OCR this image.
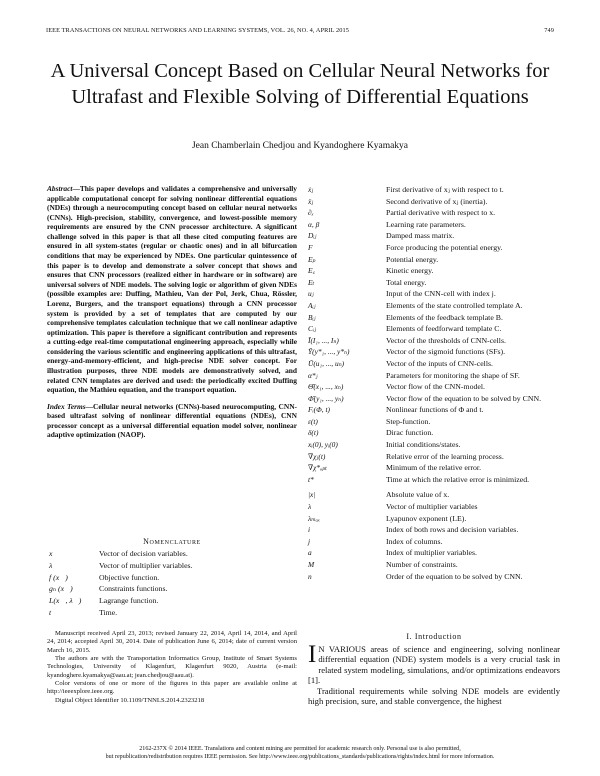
IEEE TRANSACTIONS ON NEURAL NETWORKS AND LEARNING SYSTEMS, VOL. 26, NO. 4, APRIL 2015	749
A Universal Concept Based on Cellular Neural Networks for Ultrafast and Flexible Solving of Differential Equations
Jean Chamberlain Chedjou and Kyandoghere Kyamakya

Abstract—This paper develops and validates a comprehensive and universally applicable computational concept for solving nonlinear differential equations (NDEs) through a neurocomputing concept based on cellular neural networks (CNNs). High-precision, stability, convergence, and lowest-possible memory requirements are ensured by the CNN processor architecture. A significant challenge solved in this paper is that all these cited computing features are ensured in all system-states (regular or chaotic ones) and in all bifurcation conditions that may be experienced by NDEs. One particular quintessence of this paper is to develop and demonstrate a solver concept that shows and ensures that CNN processors (realized either in hardware or in software) are universal solvers of NDE models. The solving logic or algorithm of given NDEs (possible examples are: Duffing, Mathieu, Van der Pol, Jerk, Chua, Rössler, Lorenz, Burgers, and the transport equations) through a CNN processor system is provided by a set of templates that are computed by our comprehensive templates calculation technique that we call nonlinear adaptive optimization. This paper is therefore a significant contribution and represents a cutting-edge real-time computational engineering approach, especially while considering the various scientific and engineering applications of this ultrafast, energy-and-memory-efficient, and high-precise NDE solver concept. For illustration purposes, three NDE models are demonstratively solved, and related CNN templates are derived and used: the periodically excited Duffing equation, the Mathieu equation, and the transport equation.

Index Terms—Cellular neural networks (CNNs)-based neurocomputing, CNN-based ultrafast solving of nonlinear differential equations (NDEs), CNN processor concept as a universal differential equation model solver, nonlinear adaptive optimization (NAOP).

Nomenclature
x⃗	Vector of decision variables.
λ⃗	Vector of multiplier variables.
f (x⃗)	Objective function.
gₙ (x⃗)	Constraints functions.
L(x⃗, λ⃗)	Lagrange function.
t	Time.

Manuscript received April 23, 2013; revised January 22, 2014, April 14, 2014, and April 24, 2014; accepted April 30, 2014. Date of publication June 6, 2014; date of current version March 16, 2015.

The authors are with the Transportation Informatics Group, Institute of Smart Systems Technologies, University of Klagenfurt, Klagenfurt 9020, Austria (e-mail: kyandoghere.kyamakya@aau.at; jean.chedjou@aau.at).

Color versions of one or more of the figures in this paper are available online at http://ieeexplore.ieee.org.

Digital Object Identifier 10.1109/TNNLS.2014.2323218

ẋⱼ	First derivative of xⱼ with respect to t.
ẍⱼ	Second derivative of xⱼ (inertia).
∂ₓ	Partial derivative with respect to x.
α, β	Learning rate parameters.
Dᵢⱼ	Damped mass matrix.
F⃗	Force producing the potential energy.
Eₚ	Potential energy.
E꜀	Kinetic energy.
Eₜ	Total energy.
uⱼ	Input of the CNN-cell with index j.
Aᵢⱼ	Elements of the state controlled template A.
Bᵢⱼ	Elements of the feedback template B.
Cᵢⱼ	Elements of feedforward template C.
Ī(I₁, ..., Iₙ)	Vector of the thresholds of CNN-cells.
Ȳ(y*₁, ..., y*ₙ)	Vector of the sigmoid functions (SFs).
Ū(u₁, ..., uₙ)	Vector of the inputs of CNN-cells.
α*ⱼ	Parameters for monitoring the shape of SF.
Θ̄(x₁, ..., xₙ)	Vector flow of the CNN-model.
Φ̄(y₁, ..., yₙ)	Vector flow of the equation to be solved by CNN.
Fᵢ(Φ, t)	Nonlinear functions of Φ and t.
ε(t)	Step-function.
δ(t)	Dirac function.
xᵢ(0), yᵢ(0)	Initial conditions/states.
∇χⱼ(t)	Relative error of the learning process.
∇χ*ₒₚₜ	Minimum of the relative error.
t*	Time at which the relative error is minimized.
|x|	Absolute value of x.
λ⃗	Vector of multiplier variables
λₘₐₓ	Lyapunov exponent (LE).
i	Index of both rows and decision variables.
j	Index of columns.
a	Index of multiplier variables.
M	Number of constraints.
n	Order of the equation to be solved by CNN.
I. Introduction

I N VARIOUS areas of science and engineering, solving nonlinear differential equation (NDE) system models is a very crucial task in related system modeling, simulations, and/or optimizations endeavors [1].

Traditional requirements while solving NDE models are evidently high precision, sure, and stable convergence, the highest

2162-237X © 2014 IEEE. Translations and content mining are permitted for academic research only. Personal use is also permitted,
but republication/redistribution requires IEEE permission. See http://www.ieee.org/publications_standards/publications/rights/index.html for more information.
